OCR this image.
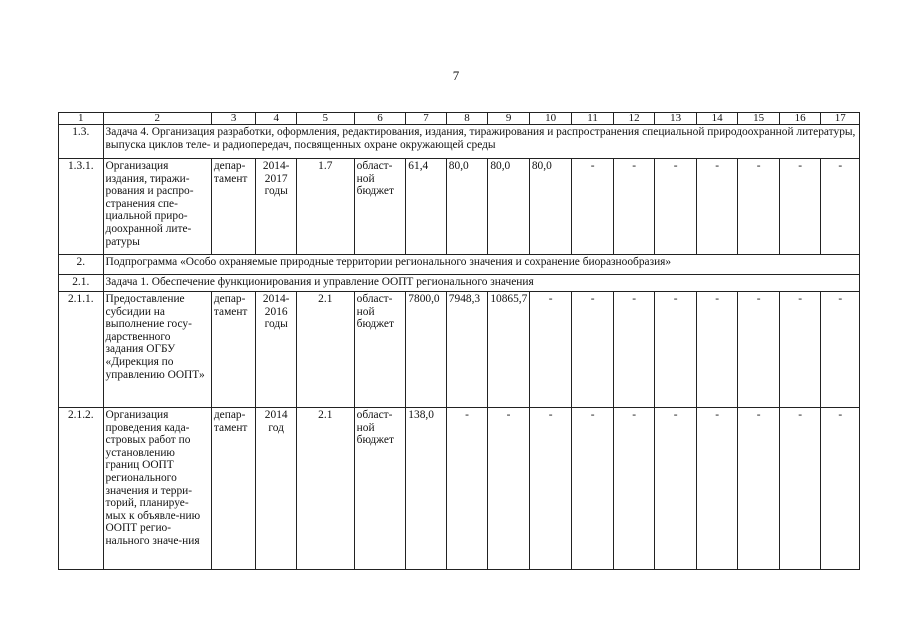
7
1	2	3	4	5	6	7	8	9	10	11	12	13	14	15	16	17
1.3.	Задача 4. Организация разработки, оформления, редактирования, издания, тиражирования и распространения специальной природоохранной литературы, выпуска циклов теле- и радиопередач, посвященных охране окружающей среды															
1.3.1.	Организация издания, тиражи-рования и распро-странения спе-циальной приро-доохранной лите-ратуры	депар-тамент	2014-2017 годы	1.7	област-ной бюджет	61,4	80,0	80,0	80,0	-	-	-	-	-	-	-
2.	Подпрограмма «Особо охраняемые природные территории регионального значения и сохранение биоразнообразия»															
2.1.	Задача 1. Обеспечение функционирования и управление ООПТ регионального значения															
2.1.1.	Предоставление субсидии на выполнение госу-дарственного задания ОГБУ «Дирекция по управлению ООПТ»	депар-тамент	2014-2016 годы	2.1	област-ной бюджет	7800,0	7948,3	10865,7	-	-	-	-	-	-	-	-
2.1.2.	Организация проведения када-стровых работ по установлению границ ООПТ регионального значения и терри-торий, планируе-мых к объявле-нию ООПТ регио-нального значе-ния	депар-тамент	2014 год	2.1	област-ной бюджет	138,0	-	-	-	-	-	-	-	-	-	-
